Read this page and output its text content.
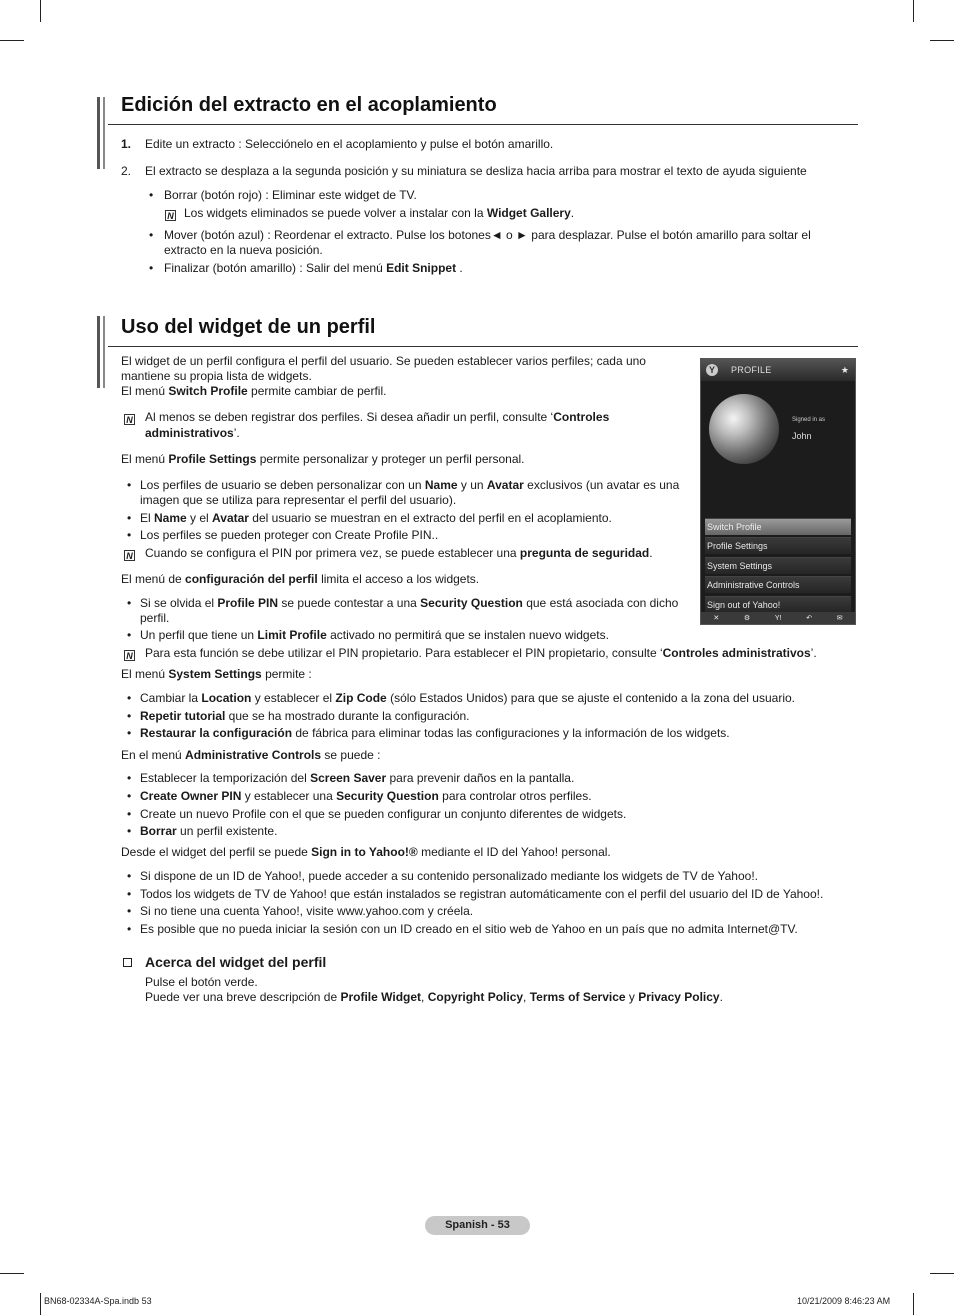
Edición del extracto en el acoplamiento
1. Edite un extracto : Selecciónelo en el acoplamiento y pulse el botón amarillo.
2. El extracto se desplaza a la segunda posición y su miniatura se desliza hacia arriba para mostrar el texto de ayuda siguiente
• Borrar (botón rojo) : Eliminar este widget de TV.
N Los widgets eliminados se puede volver a instalar con la Widget Gallery.
• Mover (botón azul) : Reordenar el extracto. Pulse los botones◄ o ► para desplazar. Pulse el botón amarillo para soltar el
extracto en la nueva posición.
• Finalizar (botón amarillo) : Salir del menú Edit Snippet .
Uso del widget de un perfil
El widget de un perfil configura el perfil del usuario. Se pueden establecer varios perfiles; cada uno
mantiene su propia lista de widgets.
El menú Switch Profile permite cambiar de perfil.
N Al menos se deben registrar dos perfiles. Si desea añadir un perfil, consulte ‘Controles
administrativos’.
El menú Profile Settings permite personalizar y proteger un perfil personal.
• Los perfiles de usuario se deben personalizar con un Name y un Avatar exclusivos (un avatar es una
imagen que se utiliza para representar el perfil del usuario).
• El Name y el Avatar del usuario se muestran en el extracto del perfil en el acoplamiento.
• Los perfiles se pueden proteger con Create Profile PIN..
N Cuando se configura el PIN por primera vez, se puede establecer una pregunta de seguridad.
El menú de configuración del perfil limita el acceso a los widgets.
• Si se olvida el Profile PIN se puede contestar a una Security Question que está asociada con dicho
perfil.
• Un perfil que tiene un Limit Profile activado no permitirá que se instalen nuevo widgets.
N Para esta función se debe utilizar el PIN propietario. Para establecer el PIN propietario, consulte ‘Controles administrativos’.
El menú System Settings permite :
• Cambiar la Location y establecer el Zip Code (sólo Estados Unidos) para que se ajuste el contenido a la zona del usuario.
• Repetir tutorial que se ha mostrado durante la configuración.
• Restaurar la configuración de fábrica para eliminar todas las configuraciones y la información de los widgets.
En el menú Administrative Controls se puede :
• Establecer la temporización del Screen Saver para prevenir daños en la pantalla.
• Create Owner PIN y establecer una Security Question para controlar otros perfiles.
• Create un nuevo Profile con el que se pueden configurar un conjunto diferentes de widgets.
• Borrar un perfil existente.
Desde el widget del perfil se puede Sign in to Yahoo!® mediante el ID del Yahoo! personal.
• Si dispone de un ID de Yahoo!, puede acceder a su contenido personalizado mediante los widgets de TV de Yahoo!.
• Todos los widgets de TV de Yahoo! que están instalados se registran automáticamente con el perfil del usuario del ID de Yahoo!.
• Si no tiene una cuenta Yahoo!, visite www.yahoo.com y créela.
• Es posible que no pueda iniciar la sesión con un ID creado en el sitio web de Yahoo en un país que no admita Internet@TV.
Acerca del widget del perfil
Pulse el botón verde.
Puede ver una breve descripción de Profile Widget, Copyright Policy, Terms of Service y Privacy Policy.
Y	PROFILE	★
Signed in as
John
Switch Profile
Profile Settings
System Settings
Administrative Controls
Sign out of Yahoo!
✕	⚙	Y!	↶	✉
Spanish - 53
BN68-02334A-Spa.indb 53	10/21/2009 8:46:23 AM
